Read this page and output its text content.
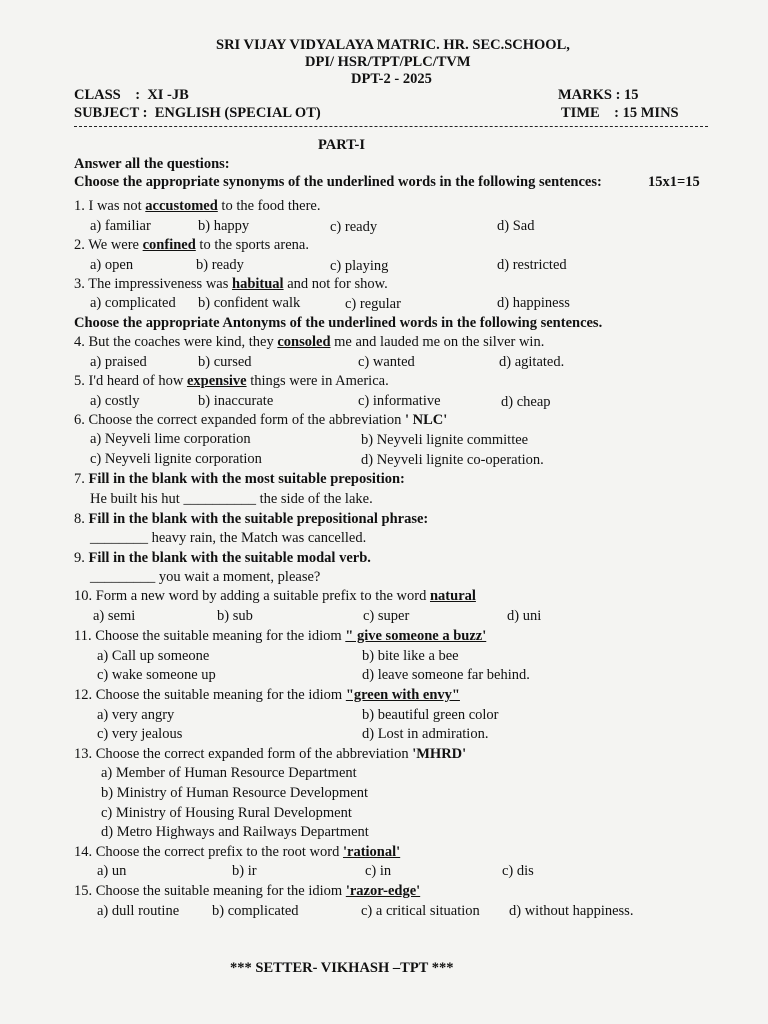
SRI VIJAY VIDYALAYA MATRIC. HR. SEC.SCHOOL,
DPI/ HSR/TPT/PLC/TVM
DPT-2 - 2025
CLASS    :  XI -JB	MARKS : 15
SUBJECT :  ENGLISH (SPECIAL OT)	TIME    : 15 MINS
PART-I
Answer all the questions:
Choose the appropriate synonyms of the underlined words in the following sentences:	15x1=15
1. I was not accustomed to the food there.
a) familiar	b) happy	c) ready	d) Sad
2. We were confined to the sports arena.
a) open	b) ready	c) playing	d) restricted
3. The impressiveness was habitual and not for show.
a) complicated b) confident walk	c) regular	d) happiness
Choose the appropriate Antonyms of the underlined words in the following sentences.
4. But the coaches were kind, they consoled me and lauded me on the silver win.
a) praised	b) cursed	c) wanted	d) agitated.
5. I'd heard of how expensive things were in America.
a) costly	b) inaccurate	c) informative	d) cheap
6. Choose the correct expanded form of the abbreviation ' NLC'
a) Neyveli lime corporation	b) Neyveli lignite committee
c) Neyveli lignite corporation	d) Neyveli lignite co-operation.
7. Fill in the blank with the most suitable preposition:
He built his hut __________ the side of the lake.
8. Fill in the blank with the suitable prepositional phrase:
________ heavy rain, the Match was cancelled.
9. Fill in the blank with the suitable modal verb.
_________ you wait a moment, please?
10. Form a new word by adding a suitable prefix to the word natural
a) semi	b) sub	c) super	d) uni
11. Choose the suitable meaning for the idiom " give someone a buzz'
a) Call up someone	b) bite like a bee
c) wake someone up	d) leave someone far behind.
12. Choose the suitable meaning for the idiom "green with envy"
a) very angry	b) beautiful green color
c) very jealous	d) Lost in admiration.
13. Choose the correct expanded form of the abbreviation 'MHRD'
a) Member of Human Resource Department
b) Ministry of Human Resource Development
c) Ministry of Housing Rural Development
d) Metro Highways and Railways Department
14. Choose the correct prefix to the root word 'rational'
a) un	b) ir	c) in	c) dis
15. Choose the suitable meaning for the idiom 'razor-edge'
a) dull routine b) complicated	c) a critical situation d) without happiness.
*** SETTER- VIKHASH –TPT ***
